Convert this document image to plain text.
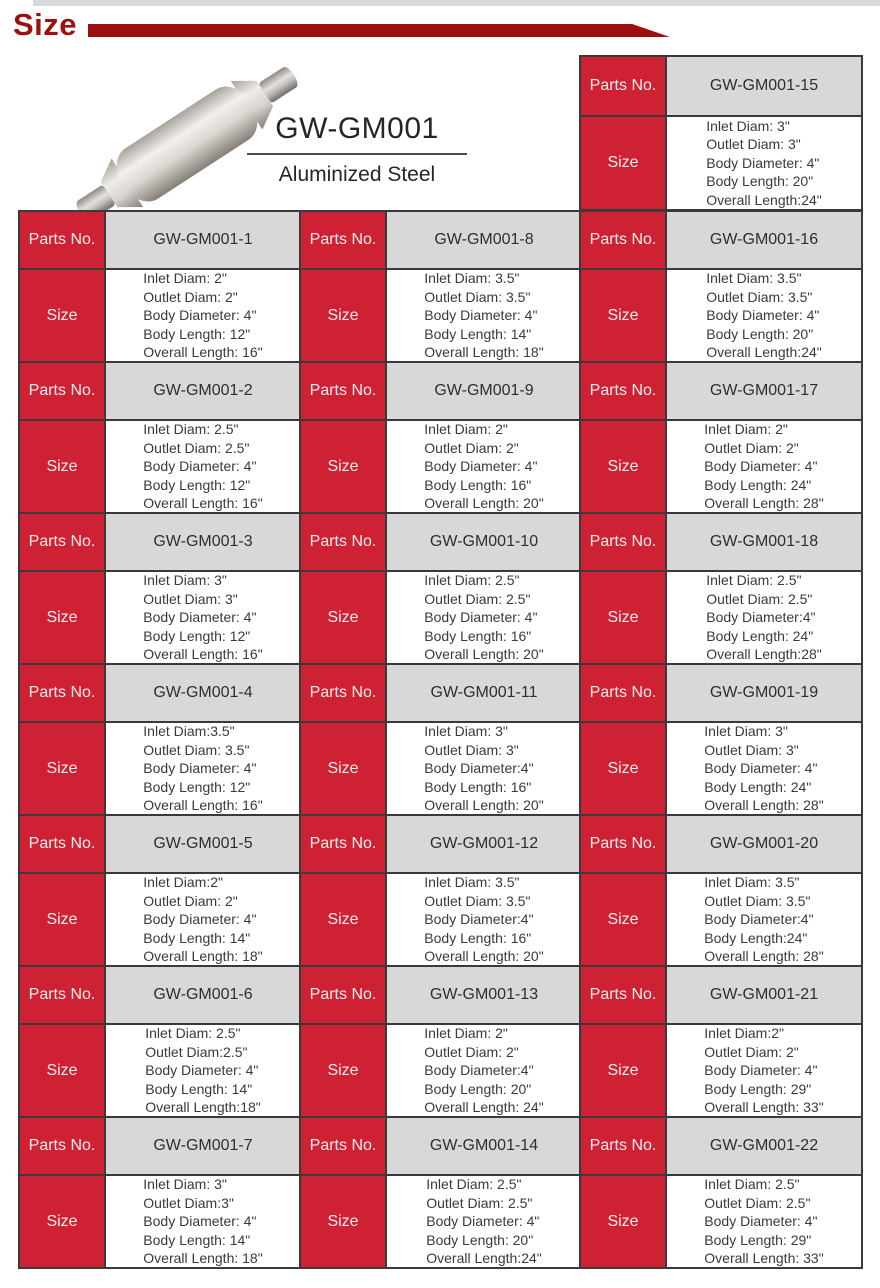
Size
GW-GM001
Aluminized Steel
Parts No.	GW-GM001-15
Size
Inlet Diam: 3"
Outlet Diam: 3"
Body Diameter: 4"
Body Length: 20"
Overall Length:24"
Parts No.	GW-GM001-1
Size
Inlet Diam: 2"
Outlet Diam: 2"
Body Diameter: 4"
Body Length: 12"
Overall Length: 16"
Parts No.	GW-GM001-2
Size
Inlet Diam: 2.5"
Outlet Diam: 2.5"
Body Diameter: 4"
Body Length: 12"
Overall Length: 16"
Parts No.	GW-GM001-3
Size
Inlet Diam: 3"
Outlet Diam: 3"
Body Diameter: 4"
Body Length: 12"
Overall Length: 16"
Parts No.	GW-GM001-4
Size
Inlet Diam:3.5"
Outlet Diam: 3.5"
Body Diameter: 4"
Body Length: 12"
Overall Length: 16"
Parts No.	GW-GM001-5
Size
Inlet Diam:2"
Outlet Diam: 2"
Body Diameter: 4"
Body Length: 14"
Overall Length: 18"
Parts No.	GW-GM001-6
Size
Inlet Diam: 2.5"
Outlet Diam:2.5"
Body Diameter: 4"
Body Length: 14"
Overall Length:18"
Parts No.	GW-GM001-7
Size
Inlet Diam: 3"
Outlet Diam:3"
Body Diameter: 4"
Body Length: 14"
Overall Length: 18"
Parts No.	GW-GM001-8
Size
Inlet Diam: 3.5"
Outlet Diam: 3.5"
Body Diameter: 4"
Body Length: 14"
Overall Length: 18"
Parts No.	GW-GM001-9
Size
Inlet Diam: 2"
Outlet Diam: 2"
Body Diameter: 4"
Body Length: 16"
Overall Length: 20"
Parts No.	GW-GM001-10
Size
Inlet Diam: 2.5"
Outlet Diam: 2.5"
Body Diameter: 4"
Body Length: 16"
Overall Length: 20"
Parts No.	GW-GM001-11
Size
Inlet Diam: 3"
Outlet Diam: 3"
Body Diameter:4"
Body Length: 16"
Overall Length: 20"
Parts No.	GW-GM001-12
Size
Inlet Diam: 3.5"
Outlet Diam: 3.5"
Body Diameter:4"
Body Length: 16"
Overall Length: 20"
Parts No.	GW-GM001-13
Size
Inlet Diam: 2"
Outlet Diam: 2"
Body Diameter:4"
Body Length: 20"
Overall Length: 24"
Parts No.	GW-GM001-14
Size
Inlet Diam: 2.5"
Outlet Diam: 2.5"
Body Diameter: 4"
Body Length: 20"
Overall Length:24"
Parts No.	GW-GM001-16
Size
Inlet Diam: 3.5"
Outlet Diam: 3.5"
Body Diameter: 4"
Body Length: 20"
Overall Length:24"
Parts No.	GW-GM001-17
Size
Inlet Diam: 2"
Outlet Diam: 2"
Body Diameter: 4"
Body Length: 24"
Overall Length: 28"
Parts No.	GW-GM001-18
Size
Inlet Diam: 2.5"
Outlet Diam: 2.5"
Body Diameter:4"
Body Length: 24"
Overall Length:28"
Parts No.	GW-GM001-19
Size
Inlet Diam: 3"
Outlet Diam: 3"
Body Diameter: 4"
Body Length: 24"
Overall Length: 28"
Parts No.	GW-GM001-20
Size
Inlet Diam: 3.5"
Outlet Diam: 3.5"
Body Diameter:4"
Body Length:24"
Overall Length: 28"
Parts No.	GW-GM001-21
Size
Inlet Diam:2"
Outlet Diam: 2"
Body Diameter: 4"
Body Length: 29"
Overall Length: 33"
Parts No.	GW-GM001-22
Size
Inlet Diam: 2.5"
Outlet Diam: 2.5"
Body Diameter: 4"
Body Length: 29"
Overall Length: 33"
